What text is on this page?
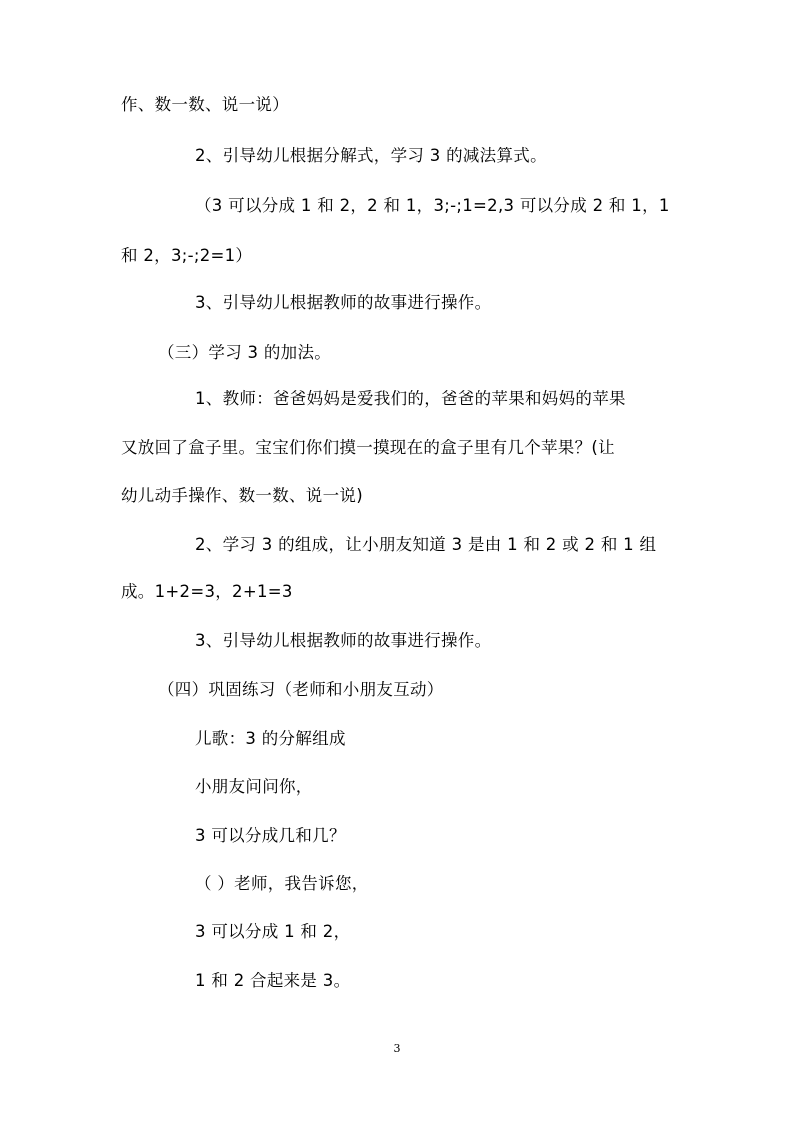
作、数一数、说一说）
2、引导幼儿根据分解式，学习 3 的减法算式。
（3 可以分成 1 和 2，2 和 1，3;-;1=2,3 可以分成 2 和 1，1
和 2，3;-;2=1）
3、引导幼儿根据教师的故事进行操作。
（三）学习 3 的加法。
1、教师：爸爸妈妈是爱我们的，爸爸的苹果和妈妈的苹果
又放回了盒子里。宝宝们你们摸一摸现在的盒子里有几个苹果？(让
幼儿动手操作、数一数、说一说)
2、学习 3 的组成，让小朋友知道 3 是由 1 和 2 或 2 和 1 组
成。1+2=3，2+1=3
3、引导幼儿根据教师的故事进行操作。
（四）巩固练习（老师和小朋友互动）
儿歌：3 的分解组成
小朋友问问你，
3 可以分成几和几？
（ ）老师，我告诉您，
3 可以分成 1 和 2，
1 和 2 合起来是 3。
3
